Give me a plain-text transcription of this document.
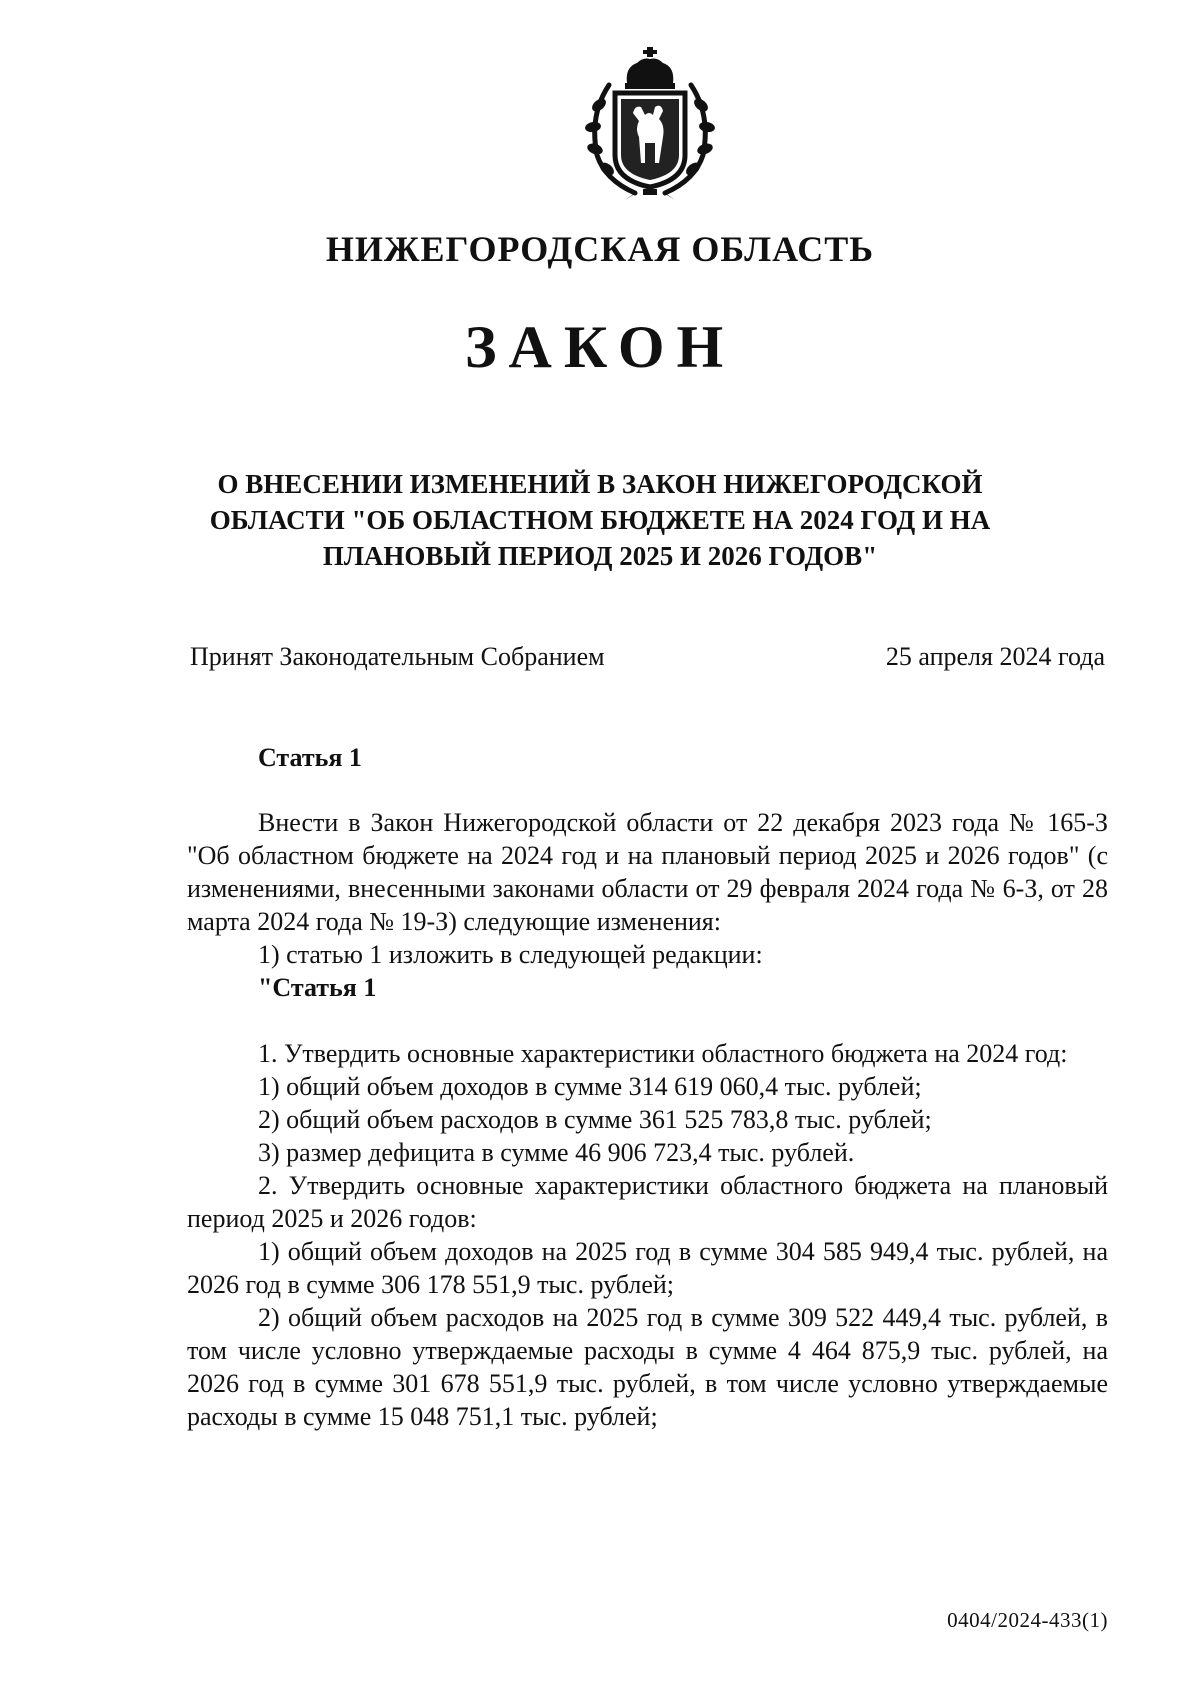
НИЖЕГОРОДСКАЯ ОБЛАСТЬ
ЗАКОН
О ВНЕСЕНИИ ИЗМЕНЕНИЙ В ЗАКОН НИЖЕГОРОДСКОЙ ОБЛАСТИ "ОБ ОБЛАСТНОМ БЮДЖЕТЕ НА 2024 ГОД И НА ПЛАНОВЫЙ ПЕРИОД 2025 И 2026 ГОДОВ"
Принят Законодательным Собранием	25 апреля 2024 года
Статья 1

Внести в Закон Нижегородской области от 22 декабря 2023 года № 165-З "Об областном бюджете на 2024 год и на плановый период 2025 и 2026 годов" (с изменениями, внесенными законами области от 29 февраля 2024 года № 6-З, от 28 марта 2024 года № 19-З) следующие изменения:

1) статью 1 изложить в следующей редакции:

"Статья 1

1. Утвердить основные характеристики областного бюджета на 2024 год:

1) общий объем доходов в сумме 314 619 060,4 тыс. рублей;

2) общий объем расходов в сумме 361 525 783,8 тыс. рублей;

3) размер дефицита в сумме 46 906 723,4 тыс. рублей.

2. Утвердить основные характеристики областного бюджета на плановый период 2025 и 2026 годов:

1) общий объем доходов на 2025 год в сумме 304 585 949,4 тыс. рублей, на 2026 год в сумме 306 178 551,9 тыс. рублей;

2) общий объем расходов на 2025 год в сумме 309 522 449,4 тыс. рублей, в том числе условно утверждаемые расходы в сумме 4 464 875,9 тыс. рублей, на 2026 год в сумме 301 678 551,9 тыс. рублей, в том числе условно утверждаемые расходы в сумме 15 048 751,1 тыс. рублей;

0404/2024-433(1)
